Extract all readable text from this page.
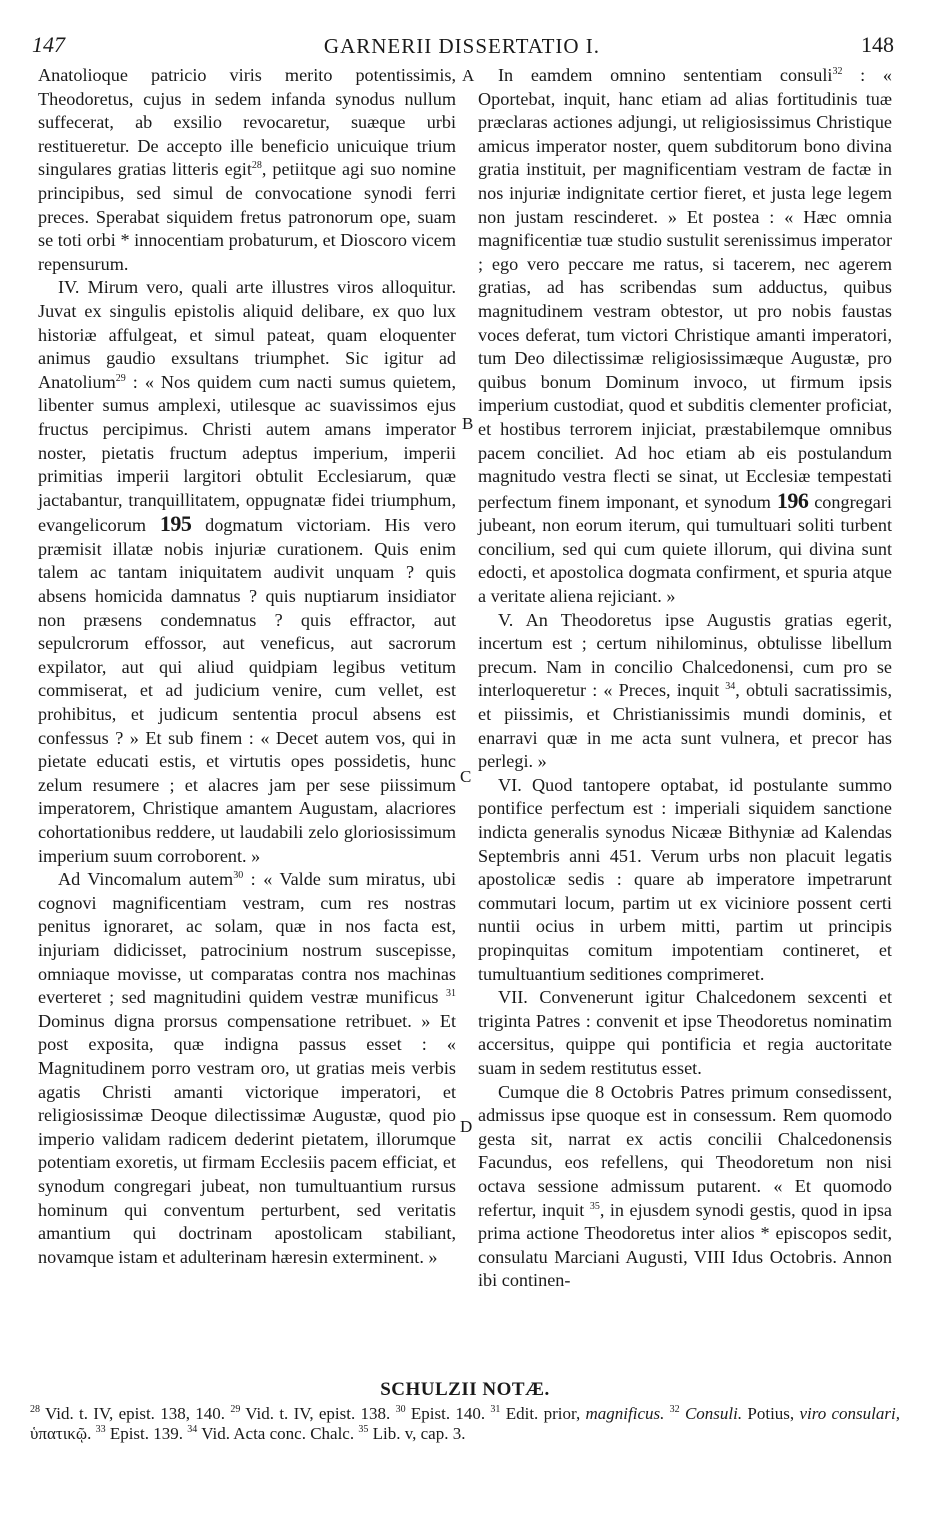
147	GARNERII DISSERTATIO I.	148
A
B
C
D

Anatolioque patricio viris merito potentissimis, Theodoretus, cujus in sedem infanda synodus nullum suffecerat, ab exsilio revocaretur, suæque urbi restitueretur. De accepto ille beneficio unicuique trium singulares gratias litteris egit$^{28}$, petiitque agi suo nomine principibus, sed simul de convocatione synodi ferri preces. Sperabat siquidem fretus patronorum ope, suam se toti orbi * innocentiam probaturum, et Dioscoro vicem repensurum.

IV. Mirum vero, quali arte illustres viros alloquitur. Juvat ex singulis epistolis aliquid delibare, ex quo lux historiæ affulgeat, et simul pateat, quam eloquenter animus gaudio exsultans triumphet. Sic igitur ad Anatolium$^{29}$ : « Nos quidem cum nacti sumus quietem, libenter sumus amplexi, utilesque ac suavissimos ejus fructus percipimus. Christi autem amans imperator noster, pietatis fructum adeptus imperium, imperii primitias imperii largitori obtulit Ecclesiarum, quæ jactabantur, tranquillitatem, oppugnatæ fidei triumphum, evangelicorum 195 dogmatum victoriam. His vero præmisit illatæ nobis injuriæ curationem. Quis enim talem ac tantam iniquitatem audivit unquam ? quis absens homicida damnatus ? quis nuptiarum insidiator non præsens condemnatus ? quis effractor, aut sepulcrorum effossor, aut veneficus, aut sacrorum expilator, aut qui aliud quidpiam legibus vetitum commiserat, et ad judicium venire, cum vellet, est prohibitus, et judicum sententia procul absens est confessus ? » Et sub finem : « Decet autem vos, qui in pietate educati estis, et virtutis opes possidetis, hunc zelum resumere ; et alacres jam per sese piissimum imperatorem, Christique amantem Augustam, alacriores cohortationibus reddere, ut laudabili zelo gloriosissimum imperium suum corroborent. »

Ad Vincomalum autem$^{30}$ : « Valde sum miratus, ubi cognovi magnificentiam vestram, cum res nostras penitus ignoraret, ac solam, quæ in nos facta est, injuriam didicisset, patrocinium nostrum suscepisse, omniaque movisse, ut comparatas contra nos machinas everteret ; sed magnitudini quidem vestræ munificus $^{31}$ Dominus digna prorsus compensatione retribuet. » Et post exposita, quæ indigna passus esset : « Magnitudinem porro vestram oro, ut gratias meis verbis agatis Christi amanti victorique imperatori, et religiosissimæ Deoque dilectissimæ Augustæ, quod pio imperio validam radicem dederint pietatem, illorumque potentiam exoretis, ut firmam Ecclesiis pacem efficiat, et synodum congregari jubeat, non tumultuantium rursus hominum qui conventum perturbent, sed veritatis amantium qui doctrinam apostolicam stabiliant, novamque istam et adulterinam hæresin exterminent. »

In eamdem omnino sententiam consuli$^{32}$ : « Oportebat, inquit, hanc etiam ad alias fortitudinis tuæ præclaras actiones adjungi, ut religiosissimus Christique amicus imperator noster, quem subditorum bono divina gratia instituit, per magnificentiam vestram de factæ in nos injuriæ indignitate certior fieret, et justa lege legem non justam rescinderet. » Et postea : « Hæc omnia magnificentiæ tuæ studio sustulit serenissimus imperator ; ego vero peccare me ratus, si tacerem, nec agerem gratias, ad has scribendas sum adductus, quibus magnitudinem vestram obtestor, ut pro nobis faustas voces deferat, tum victori Christique amanti imperatori, tum Deo dilectissimæ religiosissimæque Augustæ, pro quibus bonum Dominum invoco, ut firmum ipsis imperium custodiat, quod et subditis clementer proficiat, et hostibus terrorem injiciat, præstabilemque omnibus pacem conciliet. Ad hoc etiam ab eis postulandum magnitudo vestra flecti se sinat, ut Ecclesiæ tempestati perfectum finem imponant, et synodum 196 congregari jubeant, non eorum iterum, qui tumultuari soliti turbent concilium, sed qui cum quiete illorum, qui divina sunt edocti, et apostolica dogmata confirment, et spuria atque a veritate aliena rejiciant. »

V. An Theodoretus ipse Augustis gratias egerit, incertum est ; certum nihilominus, obtulisse libellum precum. Nam in concilio Chalcedonensi, cum pro se interloqueretur : « Preces, inquit $^{34}$, obtuli sacratissimis, et piissimis, et Christianissimis mundi dominis, et enarravi quæ in me acta sunt vulnera, et precor has perlegi. »

VI. Quod tantopere optabat, id postulante summo pontifice perfectum est : imperiali siquidem sanctione indicta generalis synodus Nicææ Bithyniæ ad Kalendas Septembris anni 451. Verum urbs non placuit legatis apostolicæ sedis : quare ab imperatore impetrarunt commutari locum, partim ut ex viciniore possent certi nuntii ocius in urbem mitti, partim ut principis propinquitas comitum impotentiam contineret, et tumultuantium seditiones comprimeret.

VII. Convenerunt igitur Chalcedonem sexcenti et triginta Patres : convenit et ipse Theodoretus nominatim accersitus, quippe qui pontificia et regia auctoritate suam in sedem restitutus esset.

Cumque die 8 Octobris Patres primum consedissent, admissus ipse quoque est in consessum. Rem quomodo gesta sit, narrat ex actis concilii Chalcedonensis Facundus, eos refellens, qui Theodoretum non nisi octava sessione admissum putarent. « Et quomodo refertur, inquit $^{35}$, in ejusdem synodi gestis, quod in ipsa prima actione Theodoretus inter alios * episcopos sedit, consulatu Marciani Augusti, VIII Idus Octobris. Annon ibi continen-

SCHULZII NOTÆ.
$^{28}$ Vid. t. IV, epist. 138, 140. $^{29}$ Vid. t. IV, epist. 138. $^{30}$ Epist. 140. $^{31}$ Edit. prior, magnificus. $^{32}$ Consuli. Potius, viro consulari, ὑπατικῷ. $^{33}$ Epist. 139. $^{34}$ Vid. Acta conc. Chalc. $^{35}$ Lib. v, cap. 3.
